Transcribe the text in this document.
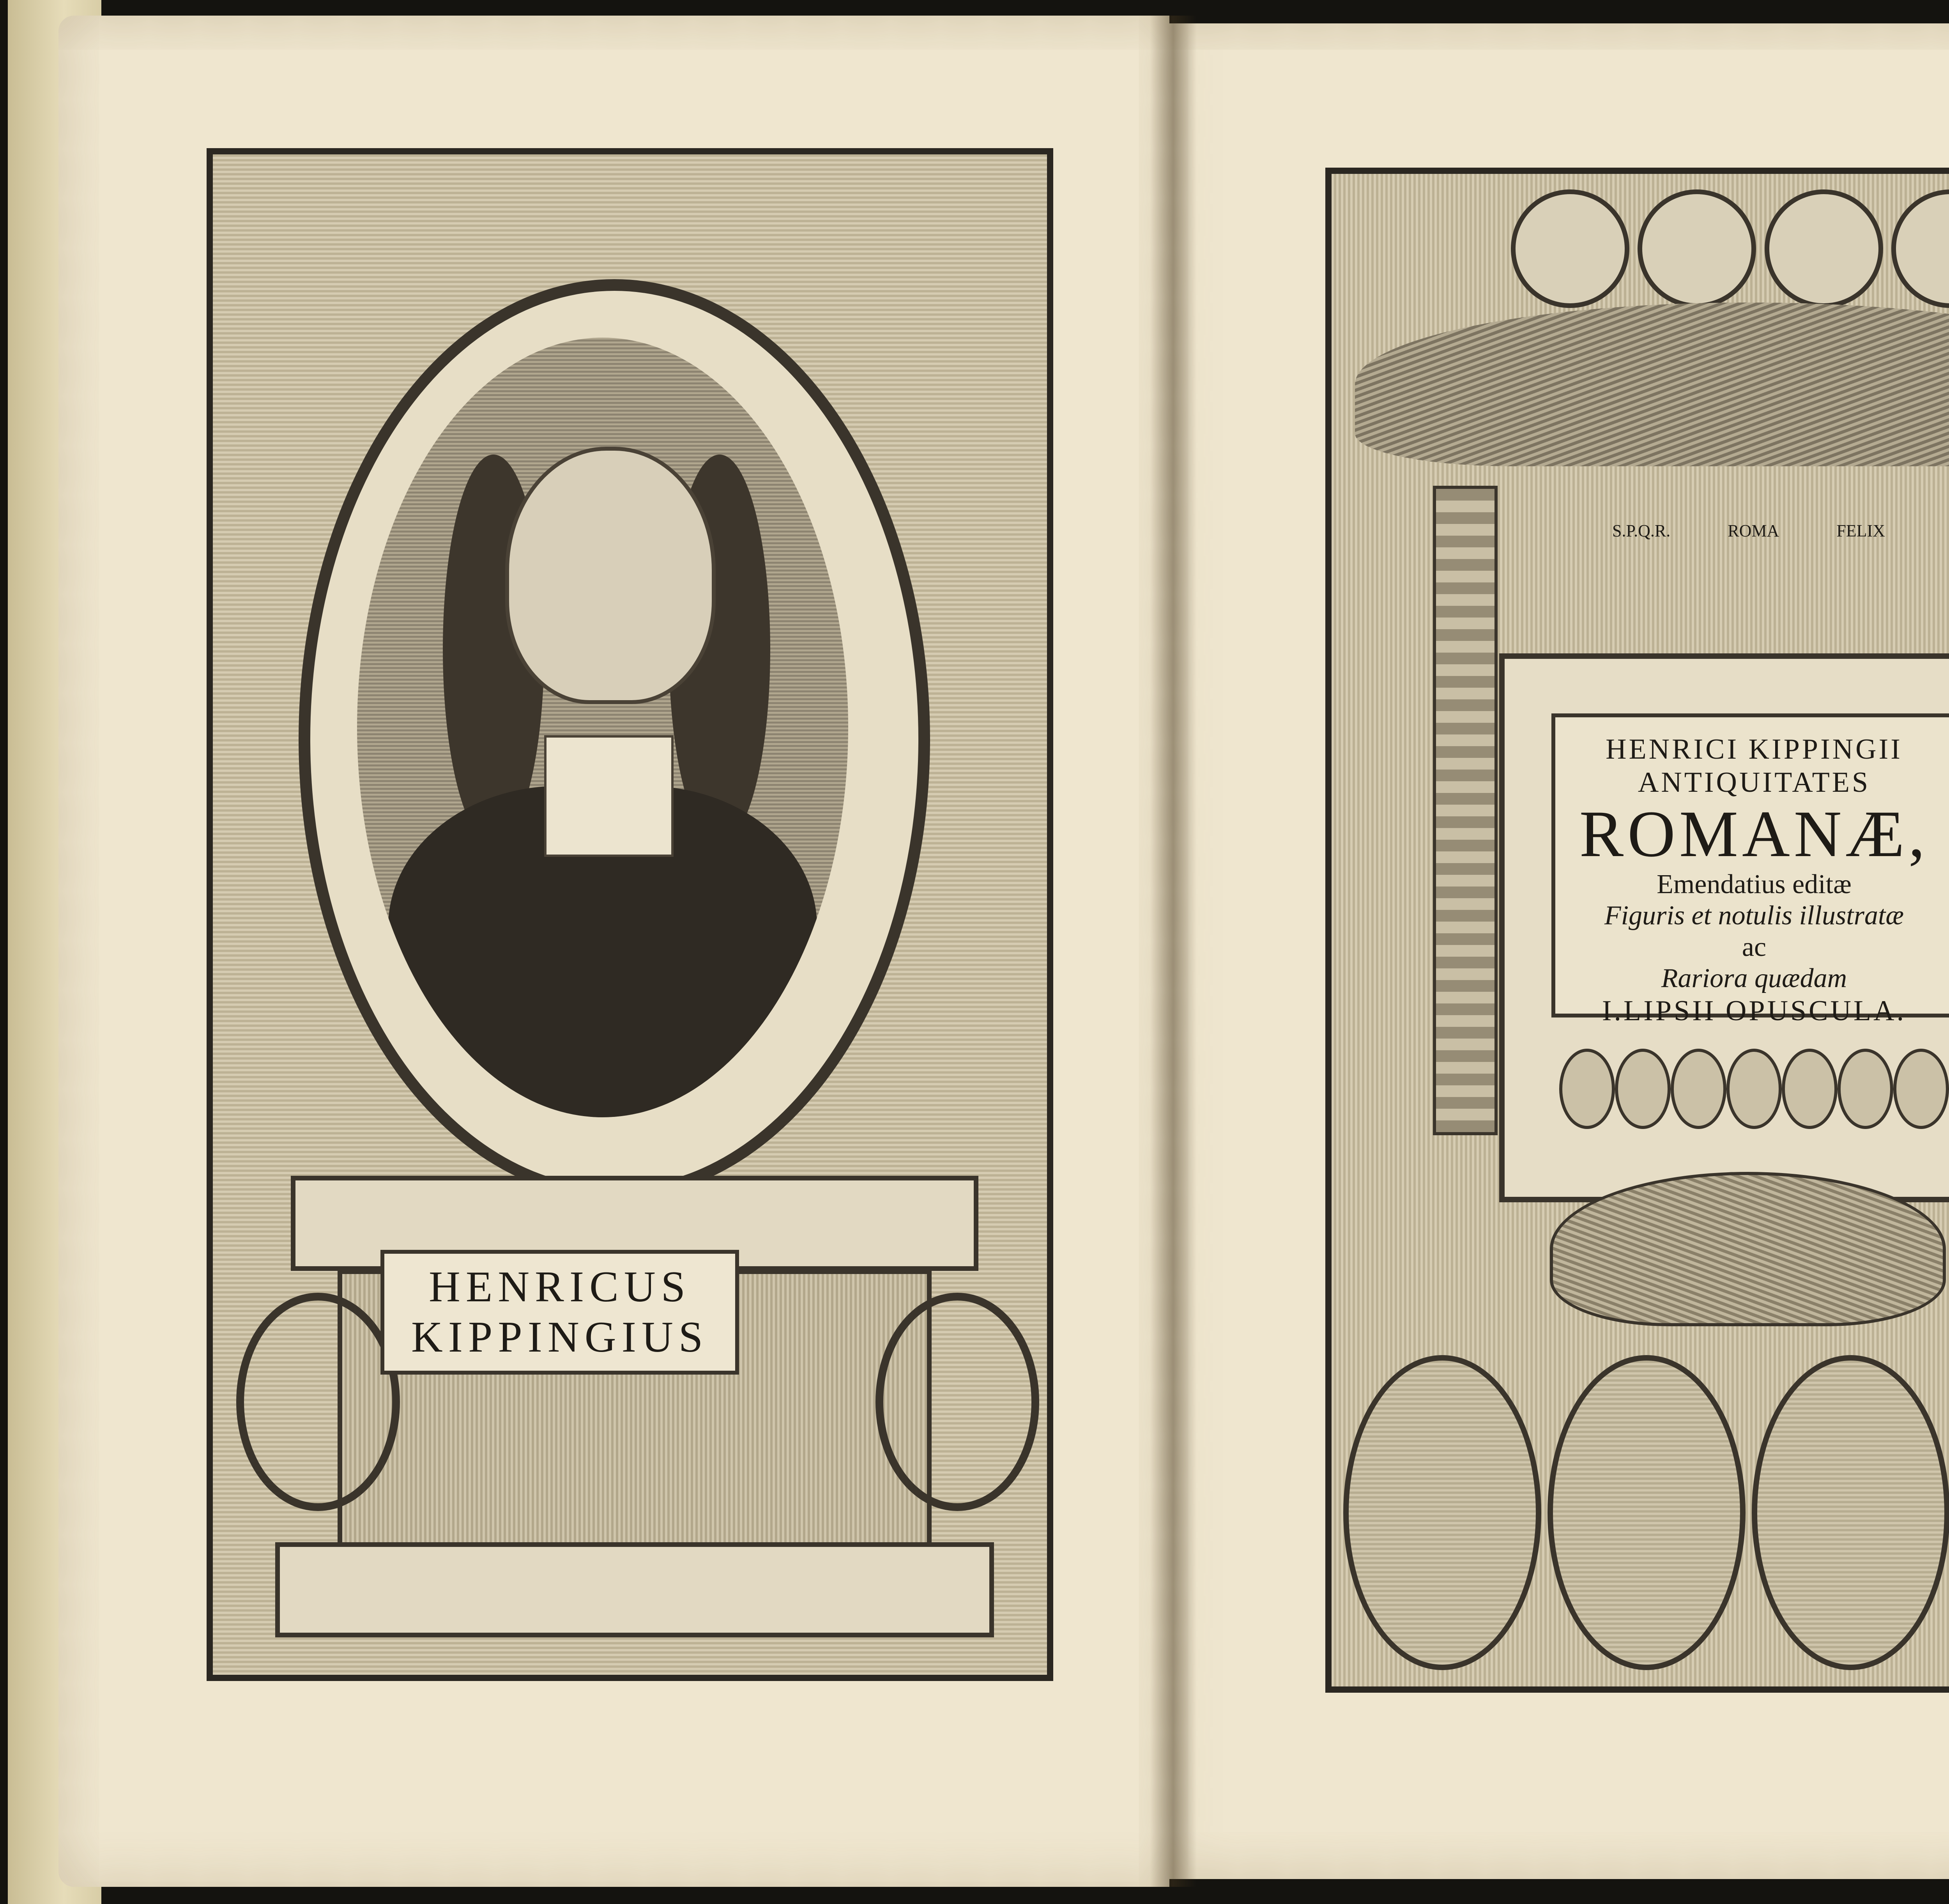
HENRICUS
KIPPINGIUS
S.P.Q.R.	ROMA	FELIX
HENRICI KIPPINGII
ANTIQUITATES
ROMANÆ,
Emendatius editæ
Figuris et notulis illustratæ
ac
Rariora quædam
I.LIPSII OPUSCULA.
